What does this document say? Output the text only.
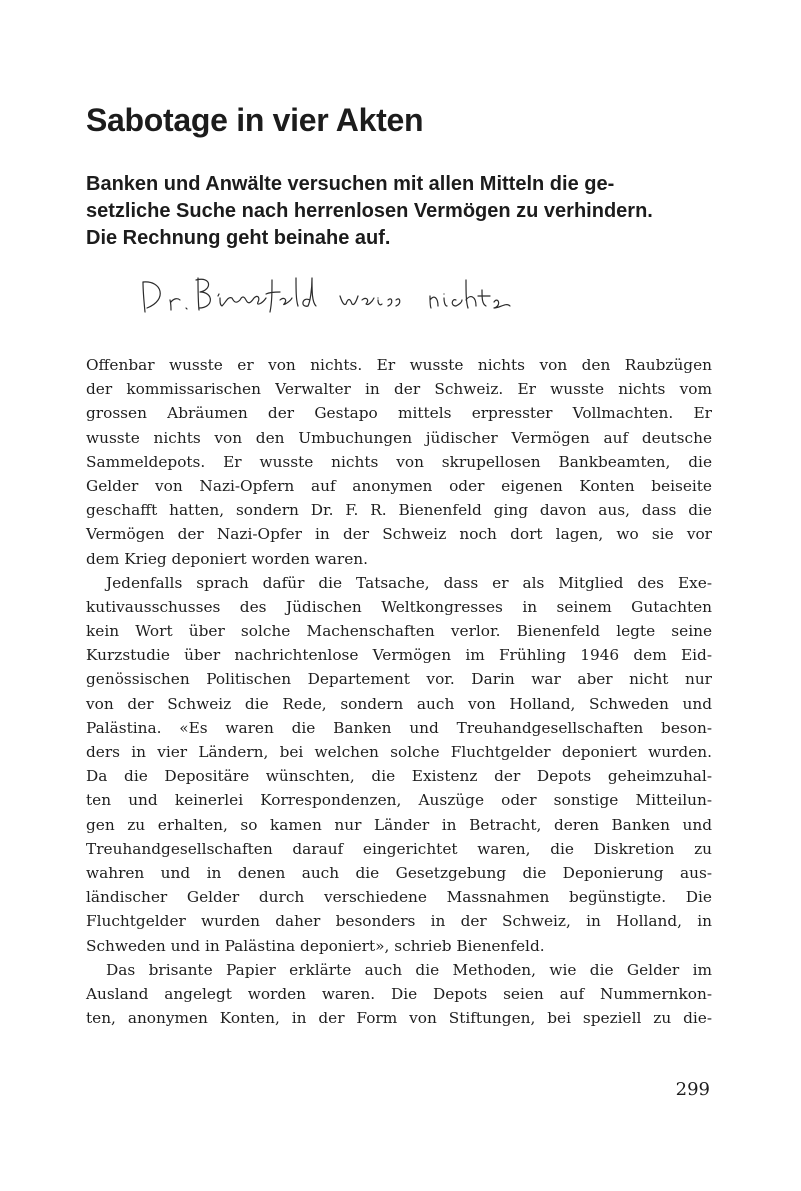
Sabotage in vier Akten
Banken und Anwälte versuchen mit allen Mitteln die ge-
setzliche Suche nach herrenlosen Vermögen zu verhindern.
Die Rechnung geht beinahe auf.
Offenbar wusste er von nichts. Er wusste nichts von den Raubzügen
der kommissarischen Verwalter in der Schweiz. Er wusste nichts vom
grossen Abräumen der Gestapo mittels erpresster Vollmachten. Er
wusste nichts von den Umbuchungen jüdischer Vermögen auf deutsche
Sammeldepots. Er wusste nichts von skrupellosen Bankbeamten, die
Gelder von Nazi-Opfern auf anonymen oder eigenen Konten beiseite
geschafft hatten, sondern Dr. F. R. Bienenfeld ging davon aus, dass die
Vermögen der Nazi-Opfer in der Schweiz noch dort lagen, wo sie vor
dem Krieg deponiert worden waren.
Jedenfalls sprach dafür die Tatsache, dass er als Mitglied des Exe-
kutivausschusses des Jüdischen Weltkongresses in seinem Gutachten
kein Wort über solche Machenschaften verlor. Bienenfeld legte seine
Kurzstudie über nachrichtenlose Vermögen im Frühling 1946 dem Eid-
genössischen Politischen Departement vor. Darin war aber nicht nur
von der Schweiz die Rede, sondern auch von Holland, Schweden und
Palästina. «Es waren die Banken und Treuhandgesellschaften beson-
ders in vier Ländern, bei welchen solche Fluchtgelder deponiert wurden.
Da die Depositäre wünschten, die Existenz der Depots geheimzuhal-
ten und keinerlei Korrespondenzen, Auszüge oder sonstige Mitteilun-
gen zu erhalten, so kamen nur Länder in Betracht, deren Banken und
Treuhandgesellschaften darauf eingerichtet waren, die Diskretion zu
wahren und in denen auch die Gesetzgebung die Deponierung aus-
ländischer Gelder durch verschiedene Massnahmen begünstigte. Die
Fluchtgelder wurden daher besonders in der Schweiz, in Holland, in
Schweden und in Palästina deponiert», schrieb Bienenfeld.
Das brisante Papier erklärte auch die Methoden, wie die Gelder im
Ausland angelegt worden waren. Die Depots seien auf Nummernkon-
ten, anonymen Konten, in der Form von Stiftungen, bei speziell zu die-
299
